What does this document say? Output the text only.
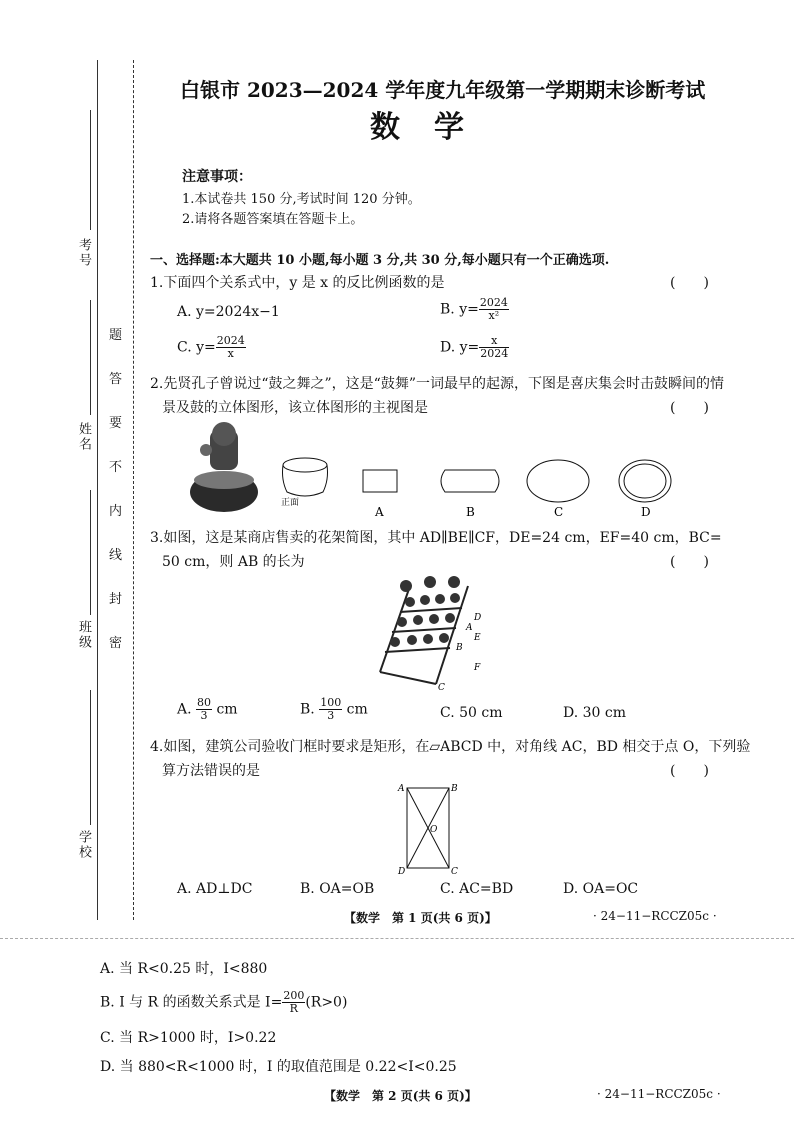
考号
姓名
班级
学校
题
答
要
不
内
线
封
密
白银市 2023—2024 学年度九年级第一学期期末诊断考试
数学
注意事项：
1.本试卷共 150 分,考试时间 120 分钟。
2.请将各题答案填在答题卡上。
一、选择题:本大题共 10 小题,每小题 3 分,共 30 分,每小题只有一个正确选项.
1.下面四个关系式中，y 是 x 的反比例函数的是	(　　)
A. y=2024x−1	B. $y= \frac{2024}{\text{x²}}$
C. $y= \frac{2024}{x}$	D. $y= \frac{x}{2024}$
2.先贤孔子曾说过“鼓之舞之”，这是“鼓舞”一词最早的起源，下图是喜庆集会时击鼓瞬间的情
景及鼓的立体图形，该立体图形的主视图是	(　　)
正面
A	B	C	D
3.如图，这是某商店售卖的花架简图，其中 AD∥BE∥CF，DE=24 cm，EF=40 cm，BC=
50 cm，则 AB 的长为	(　　)
D
A
E
B
F
C
A. $\frac{80}{3}$ cm	B. $\frac{100}{3}$ cm	C. 50 cm	D. 30 cm
4.如图，建筑公司验收门框时要求是矩形，在▱ABCD 中，对角线 AC，BD 相交于点 O，下列验
算方法错误的是	(　　)
A	B
C
D
O
A. AD⊥DC	B. OA=OB	C. AC=BD	D. OA=OC
【数学　第 1 页(共 6 页)】	· 24−11−RCCZ05c ·
A. 当 R<0.25 时，I<880
B. I 与 R 的函数关系式是 $I= \frac{200}{R} (R>0)$
C. 当 R>1000 时，I>0.22
D. 当 880<R<1000 时，I 的取值范围是 0.22<I<0.25
【数学　第 2 页(共 6 页)】	· 24−11−RCCZ05c ·
